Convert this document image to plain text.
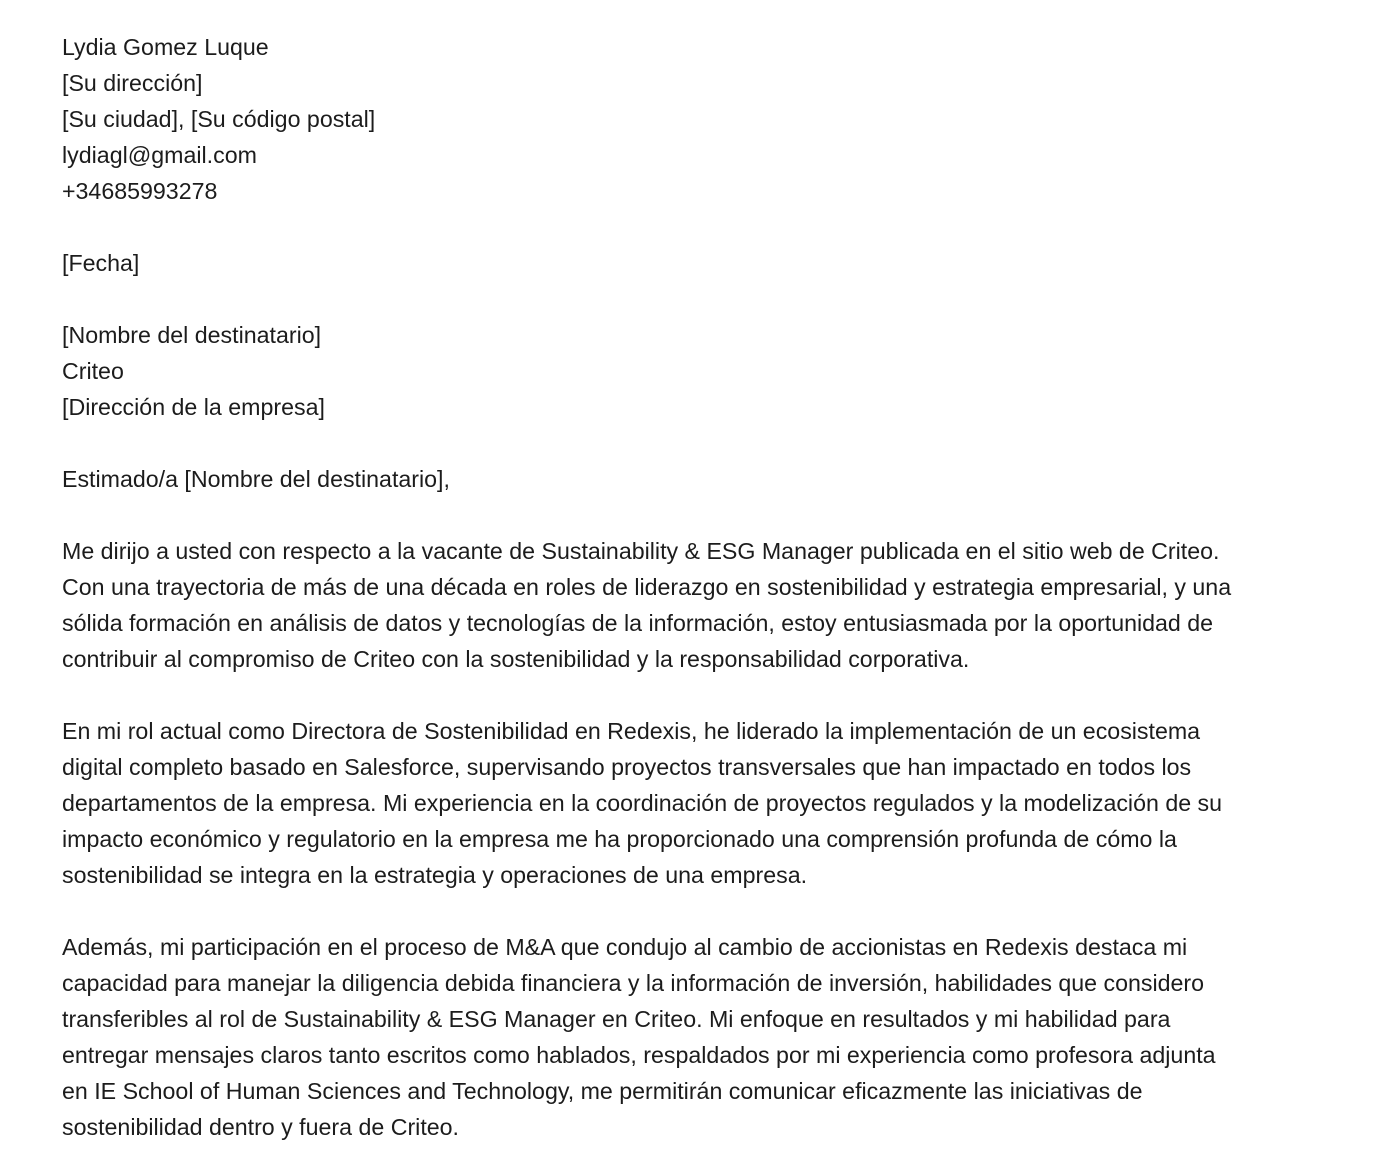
Lydia Gomez Luque
[Su dirección]
[Su ciudad], [Su código postal]
lydiagl@gmail.com
+34685993278
[Fecha]
[Nombre del destinatario]
Criteo
[Dirección de la empresa]
Estimado/a [Nombre del destinatario],

Me dirijo a usted con respecto a la vacante de Sustainability & ESG Manager publicada en el sitio web de Criteo.
Con una trayectoria de más de una década en roles de liderazgo en sostenibilidad y estrategia empresarial, y una
sólida formación en análisis de datos y tecnologías de la información, estoy entusiasmada por la oportunidad de
contribuir al compromiso de Criteo con la sostenibilidad y la responsabilidad corporativa.

En mi rol actual como Directora de Sostenibilidad en Redexis, he liderado la implementación de un ecosistema
digital completo basado en Salesforce, supervisando proyectos transversales que han impactado en todos los
departamentos de la empresa. Mi experiencia en la coordinación de proyectos regulados y la modelización de su
impacto económico y regulatorio en la empresa me ha proporcionado una comprensión profunda de cómo la
sostenibilidad se integra en la estrategia y operaciones de una empresa.

Además, mi participación en el proceso de M&A que condujo al cambio de accionistas en Redexis destaca mi
capacidad para manejar la diligencia debida financiera y la información de inversión, habilidades que considero
transferibles al rol de Sustainability & ESG Manager en Criteo. Mi enfoque en resultados y mi habilidad para
entregar mensajes claros tanto escritos como hablados, respaldados por mi experiencia como profesora adjunta
en IE School of Human Sciences and Technology, me permitirán comunicar eficazmente las iniciativas de
sostenibilidad dentro y fuera de Criteo.
